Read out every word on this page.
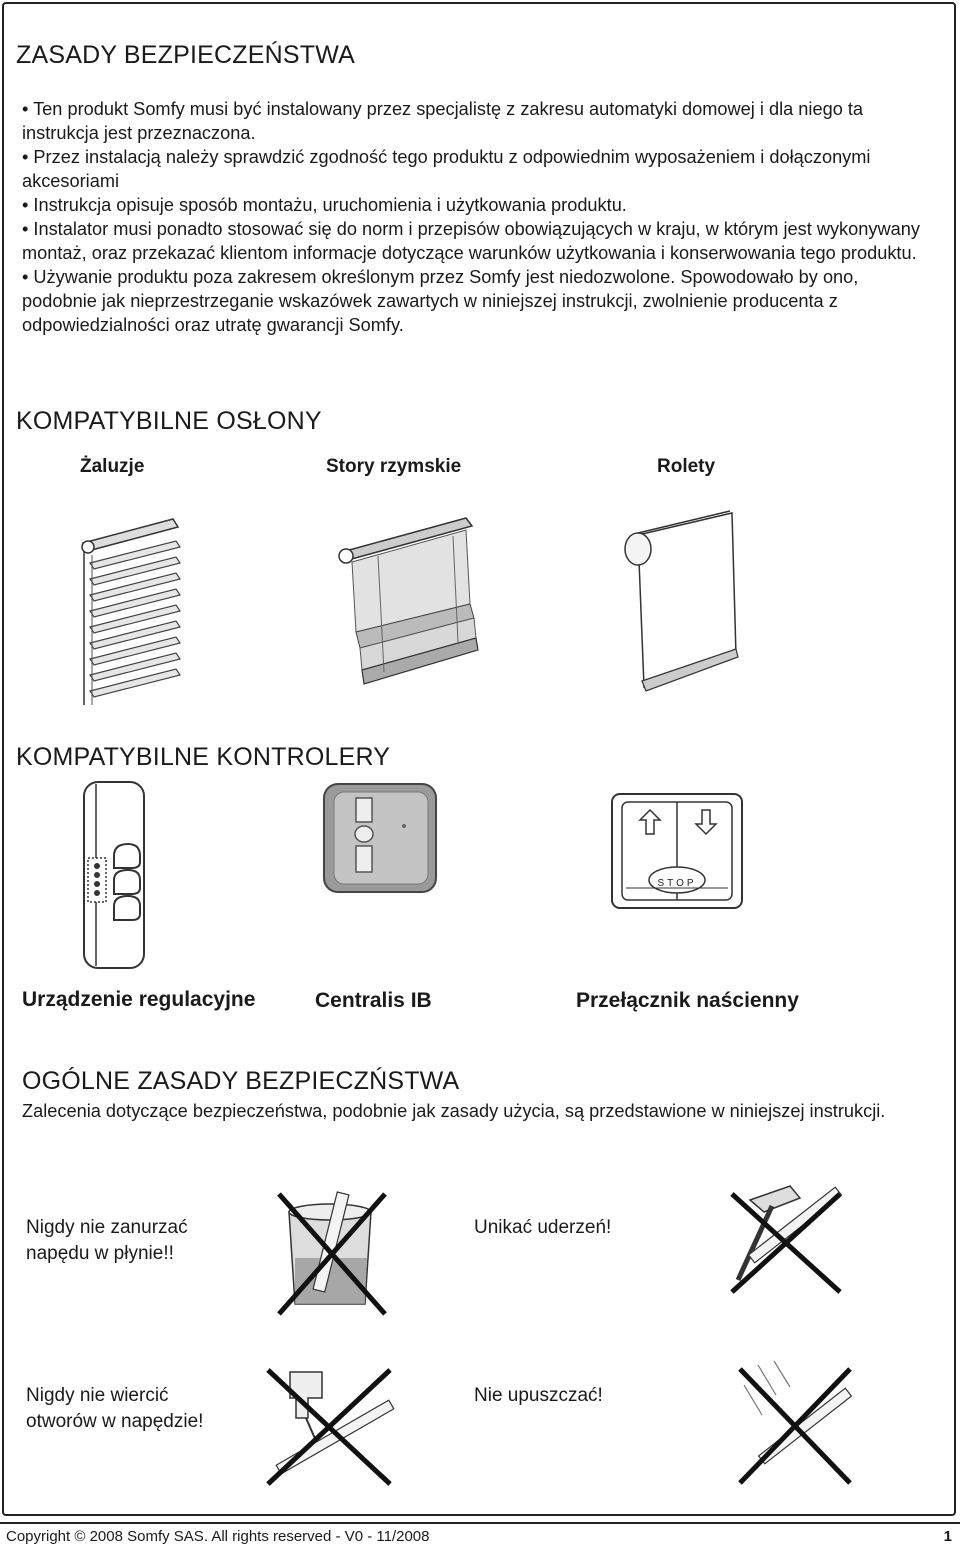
ZASADY BEZPIECZEŃSTWA

• Ten produkt Somfy musi być instalowany przez specjalistę z zakresu automatyki domowej i dla niego ta instrukcja jest przeznaczona.

• Przez instalacją należy sprawdzić zgodność tego produktu z odpowiednim wyposażeniem i dołączonymi akcesoriami

• Instrukcja opisuje sposób montażu, uruchomienia i użytkowania produktu.

• Instalator musi ponadto stosować się do norm i przepisów obowiązujących w kraju, w którym jest wykonywany montaż, oraz przekazać klientom informacje dotyczące warunków użytkowania i konserwowania tego produktu.

• Używanie produktu poza zakresem określonym przez Somfy jest niedozwolone. Spowodowało by ono, podobnie jak nieprzestrzeganie wskazówek zawartych w niniejszej instrukcji, zwolnienie producenta z odpowiedzialności oraz utratę gwarancji Somfy.

KOMPATYBILNE OSŁONY
Żaluzje	Story rzymskie	Rolety
KOMPATYBILNE KONTROLERY
STOP
Urządzenie regulacyjne	Centralis IB	Przełącznik naścienny
OGÓLNE ZASADY BEZPIECZŃSTWA
Zalecenia dotyczące bezpieczeństwa, podobnie jak zasady użycia, są przedstawione w niniejszej instrukcji.
Nigdy nie zanurzać
napędu w płynie!!
Unikać uderzeń!
Nigdy nie wiercić
otworów w napędzie!
Nie upuszczać!
Copyright © 2008 Somfy SAS. All rights reserved - V0 - 11/2008	1
